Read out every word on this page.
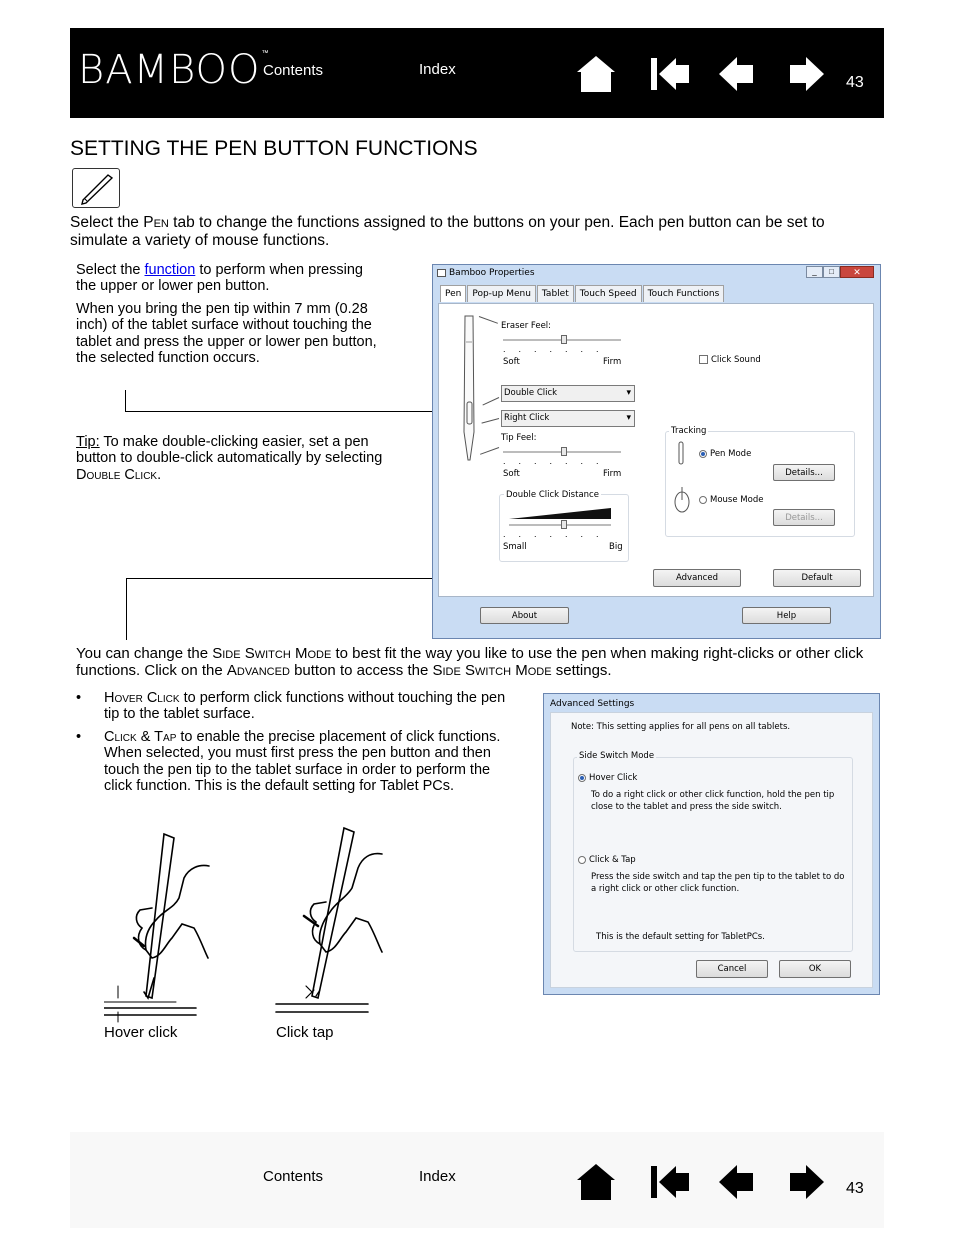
BAMBOO™
Contents	Index
43
SETTING THE PEN BUTTON FUNCTIONS
Select the Pen tab to change the functions assigned to the buttons on your pen. Each pen button can be set to simulate a variety of mouse functions.
Select the function to perform when pressing the upper or lower pen button.
When you bring the pen tip within 7 mm (0.28 inch) of the tablet surface without touching the tablet and press the upper or lower pen button, the selected function occurs.
Tip: To make double-clicking easier, set a pen button to double-click automatically by selecting Double Click.
Bamboo Properties	_	□	✕
Pen	Pop-up Menu	Tablet	Touch Speed	Touch Functions
Eraser Feel:
.......
Soft	Firm	Click Sound
Double Click ▾
Right Click ▾
Tip Feel:
.......
Soft	Firm
Double Click Distance
.......
Small	Big
Tracking
Pen Mode
Details...
Mouse Mode
Details...
Advanced	Default
About	Help
You can change the Side Switch Mode to best fit the way you like to use the pen when making right-clicks or other click functions. Click on the Advanced button to access the Side Switch Mode settings.
• Hover Click to perform click functions without touching the pen tip to the tablet surface.
• Click & Tap to enable the precise placement of click functions. When selected, you must first press the pen button and then touch the pen tip to the tablet surface in order to perform the click function. This is the default setting for Tablet PCs.
Hover click	Click tap
Advanced Settings
Note: This setting applies for all pens on all tablets.
Side Switch Mode
Hover Click
To do a right click or other click function, hold the pen tip close to the tablet and press the side switch.
Click & Tap
Press the side switch and tap the pen tip to the tablet to do a right click or other click function.
This is the default setting for TabletPCs.
Cancel	OK
Contents	Index
43
